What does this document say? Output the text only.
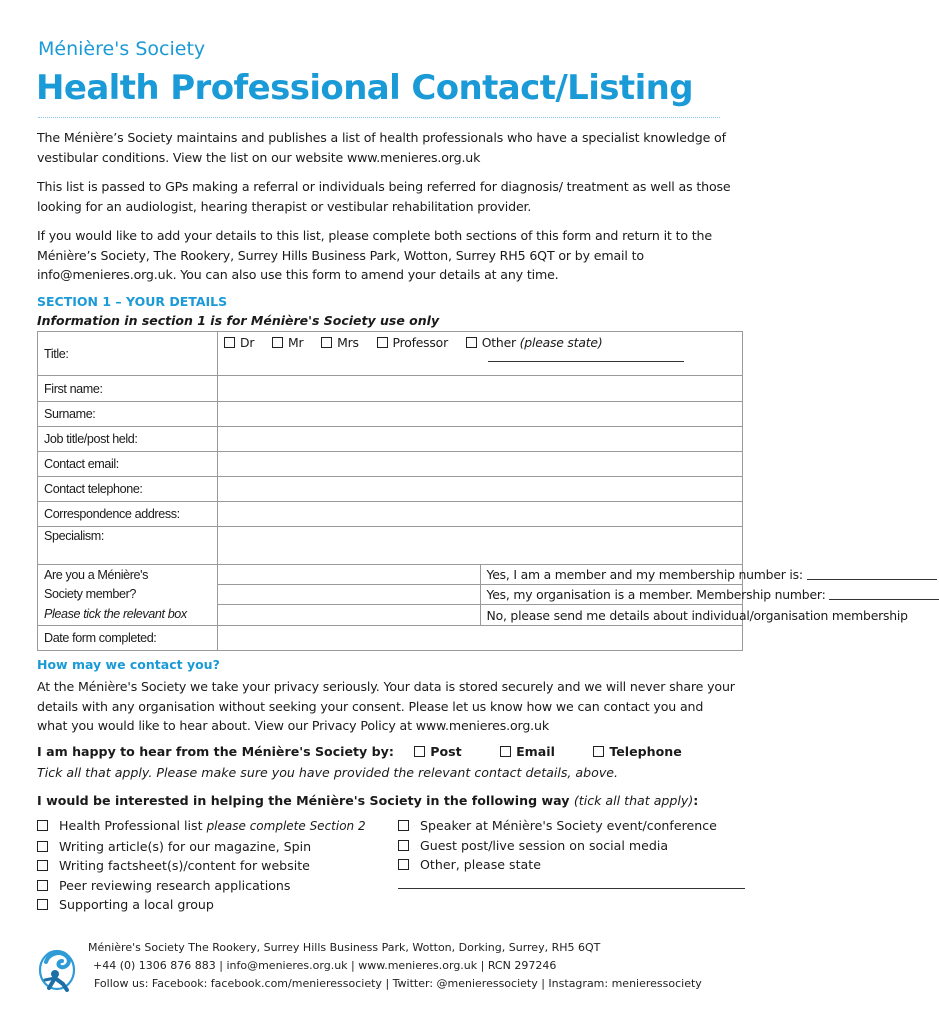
Ménière's Society
Health Professional Contact/Listing

The Ménière’s Society maintains and publishes a list of health professionals who have a specialist knowledge of vestibular conditions. View the list on our website www.menieres.org.uk

This list is passed to GPs making a referral or individuals being referred for diagnosis/ treatment as well as those looking for an audiologist, hearing therapist or vestibular rehabilitation provider.

If you would like to add your details to this list, please complete both sections of this form and return it to the Ménière’s Society, The Rookery, Surrey Hills Business Park, Wotton, Surrey RH5 6QT or by email to info@menieres.org.uk. You can also use this form to amend your details at any time.

SECTION 1 – YOUR DETAILS
Information in section 1 is for Ménière's Society use only
Title:	Dr Mr Mrs Professor Other (please state)	

First name:		
Surname:		
Job title/post held:		
Contact email:		
Contact telephone:		
Correspondence address:		
Specialism:		
Are you a Ménière's
Society member?
Please tick the relevant box		Yes, I am a member and my membership number is:
		Yes, my organisation is a member. Membership number:
		No, please send me details about individual/organisation membership
Date form completed:		
How may we contact you?

At the Ménière's Society we take your privacy seriously. Your data is stored securely and we will never share your details with any organisation without seeking your consent. Please let us know how we can contact you and what you would like to hear about. View our Privacy Policy at www.menieres.org.uk

I am happy to hear from the Ménière's Society by:	Post	Email	Telephone
Tick all that apply. Please make sure you have provided the relevant contact details, above.
I would be interested in helping the Ménière's Society in the following way (tick all that apply):
Health Professional list please complete Section 2
Writing article(s) for our magazine, Spin
Writing factsheet(s)/content for website
Peer reviewing research applications
Supporting a local group
Speaker at Ménière's Society event/conference
Guest post/live session on social media
Other, please state
Ménière's Society The Rookery, Surrey Hills Business Park, Wotton, Dorking, Surrey, RH5 6QT
+44 (0) 1306 876 883 | info@menieres.org.uk | www.menieres.org.uk | RCN 297246
Follow us: Facebook: facebook.com/menieressociety | Twitter: @menieressociety | Instagram: menieressociety
